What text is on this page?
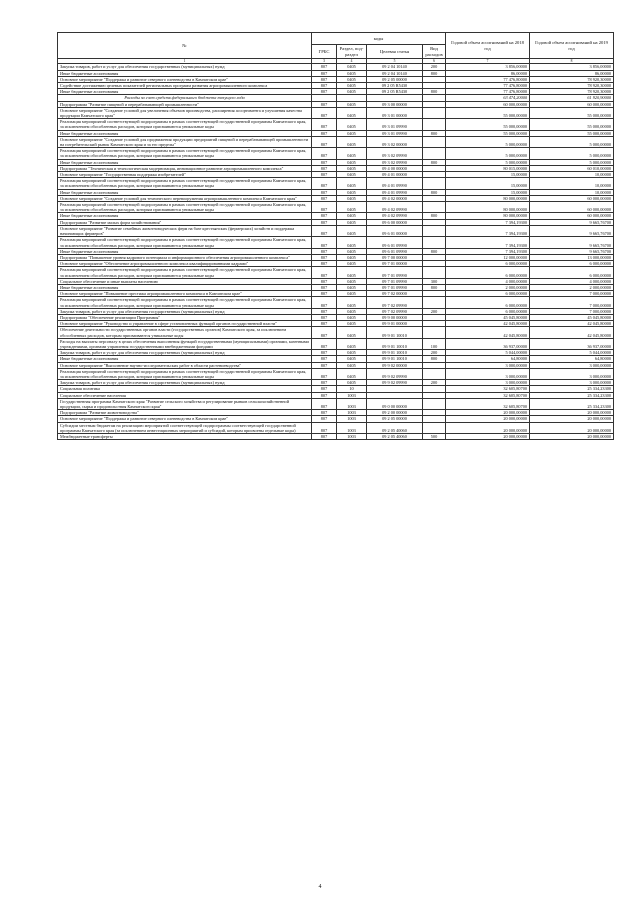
№	коды				Годовой объем ассигнований на 2018 год	Годовой объем ассигнований на 2019 год
	ГРБС	Раздел, под-раздел	Целевая статья	Вид расходов		
1	3	4	5	6	7	8
Закупка товаров, работ и услуг для обеспечения государственных (муниципальных) нужд	807	0405	09 2 04 10140	200	3 856,00000	3 856,00000
Иные бюджетные ассигнования	807	0405	09 2 04 10140	800	86,00000	86,00000
Основное мероприятие "Поддержка и развитие северного оленеводства в Камчатском крае"	807	0405	09 2 05 00000		77 476,80000	78 920,30000
Содействие достижению целевых показателей региональных программ развития агропромышленного комплекса	807	0405	09 2 05 R5430		77 476,80000	78 920,30000
Иные бюджетные ассигнования	807	0405	09 2 05 R5430	800	77 476,80000	78 920,30000
Расходы за счет средств федерального бюджета текущего года					63 474,20000	61 920,90000
Подпрограмма "Развитие пищевой и перерабатывающей промышленности"	807	0405	09 3 00 00000		60 000,00000	60 000,00000
Основное мероприятие "Создание условий для увеличения объемов производства, расширения ассортимента и улучшения качества продукции Камчатского края"	807	0405	09 3 01 00000		55 000,00000	55 000,00000
Реализация мероприятий соответствующей подпрограммы в рамках соответствующей государственной программы Камчатского края, за исключением обособленных расходов, которым присваиваются уникальные коды	807	0405	09 3 01 09990		55 000,00000	55 000,00000
Иные бюджетные ассигнования	807	0405	09 3 01 09990	800	55 000,00000	55 000,00000
Основное мероприятие "Создание условий для продвижения продукции предприятий пищевой и перерабатывающей промышленности на потребительский рынок Камчатского края и за его пределы"	807	0405	09 3 02 00000		5 000,00000	5 000,00000
Реализация мероприятий соответствующей подпрограммы в рамках соответствующей государственной программы Камчатского края, за исключением обособленных расходов, которым присваиваются уникальные коды	807	0405	09 3 02 09990		5 000,00000	5 000,00000
Иные бюджетные ассигнования	807	0405	09 3 02 09990	800	5 000,00000	5 000,00000
Подпрограмма "Техническая и технологическая модернизация, инновационное развитие агропромышленного комплекса"	807	0405	09 4 00 00000		80 015,00000	60 010,00000
Основное мероприятие "Государственная поддержка изобретателей"	807	0405	09 4 01 00000		15,00000	10,00000
Реализация мероприятий соответствующей подпрограммы в рамках соответствующей государственной программы Камчатского края, за исключением обособленных расходов, которым присваиваются уникальные коды	807	0405	09 4 01 09990		15,00000	10,00000
Иные бюджетные ассигнования	807	0405	09 4 01 09990	800	15,00000	10,00000
Основное мероприятие "Создание условий для технического перевооружения агропромышленного комплекса Камчатского края"	807	0405	09 4 02 00000		80 000,00000	60 000,00000
Реализация мероприятий соответствующей подпрограммы в рамках соответствующей государственной программы Камчатского края, за исключением обособленных расходов, которым присваиваются уникальные коды	807	0405	09 4 02 09990		80 000,00000	60 000,00000
Иные бюджетные ассигнования	807	0405	09 4 02 09990	800	80 000,00000	60 000,00000
Подпрограмма "Развитие малых форм хозяйствования"	807	0405	09 6 00 00000		7 394,19300	9 665,76700
Основное мероприятие "Развитие семейных животноводческих ферм на базе крестьянских (фермерских) хозяйств и поддержка начинающих фермеров"	807	0405	09 6 01 00000		7 394,19300	9 665,76700
Реализация мероприятий соответствующей подпрограммы в рамках соответствующей государственной программы Камчатского края, за исключением обособленных расходов, которым присваиваются уникальные коды	807	0405	09 6 01 09990		7 394,19300	9 665,76700
Иные бюджетные ассигнования	807	0405	09 6 01 09990	800	7 394,19300	9 665,76700
Подпрограмма "Повышение уровня кадрового потенциала и информационного обеспечения агропромышленного комплекса"	807	0405	09 7 00 00000		12 000,00000	13 000,00000
Основное мероприятие "Обеспечение агропромышленного комплекса квалифицированными кадрами"	807	0405	09 7 01 00000		6 000,00000	6 000,00000
Реализация мероприятий соответствующей подпрограммы в рамках соответствующей государственной программы Камчатского края, за исключением обособленных расходов, которым присваиваются уникальные коды	807	0405	09 7 01 09990		6 000,00000	6 000,00000
Социальное обеспечение и иные выплаты населению	807	0405	09 7 01 09990	300	4 000,00000	4 000,00000
Иные бюджетные ассигнования	807	0405	09 7 01 09990	800	2 000,00000	2 000,00000
Основное мероприятие "Повышение престижа агропромышленного комплекса в Камчатском крае"	807	0405	09 7 02 00000		6 000,00000	7 000,00000
Реализация мероприятий соответствующей подпрограммы в рамках соответствующей государственной программы Камчатского края, за исключением обособленных расходов, которым присваиваются уникальные коды	807	0405	09 7 02 09990		6 000,00000	7 000,00000
Закупка товаров, работ и услуг для обеспечения государственных (муниципальных) нужд	807	0405	09 7 02 09990	200	6 000,00000	7 000,00000
Подпрограмма "Обеспечение реализации Программы"	807	0405	09 9 00 00000		45 045,80000	45 045,80000
Основное мероприятие "Руководство и управление в сфере установленных функций органов государственной власти"	807	0405	09 9 01 00000		42 045,80000	42 045,80000
Обеспечение деятельности государственных органов власти (государственных органов) Камчатского края, за исключением обособленных расходов, которым присваиваются уникальные коды	807	0405	09 9 01 10010		42 045,80000	42 045,80000
Расходы на выплаты персоналу в целях обеспечения выполнения функций государственными (муниципальными) органами, казенными учреждениями, органами управления государственными внебюджетными фондами	807	0405	09 9 01 10010	100	36 937,00000	36 937,00000
Закупка товаров, работ и услуг для обеспечения государственных (муниципальных) нужд	807	0405	09 9 01 10010	200	5 044,00000	5 044,00000
Иные бюджетные ассигнования	807	0405	09 9 01 10010	800	64,80000	64,80000
Основное мероприятие "Выполнение научно-исследовательских работ в области растениеводства"	807	0405	09 9 02 00000		3 000,00000	3 000,00000
Реализация мероприятий соответствующей подпрограммы в рамках соответствующей государственной программы Камчатского края, за исключением обособленных расходов, которым присваиваются уникальные коды	807	0405	09 9 02 09990		3 000,00000	3 000,00000
Закупка товаров, работ и услуг для обеспечения государственных (муниципальных) нужд	807	0405	09 9 02 09990	200	3 000,00000	3 000,00000
Социальная политика	807	10			32 605,80700	25 334,23300
Социальное обеспечение населения	807	1003			32 605,80700	25 334,23300
Государственная программа Камчатского края "Развитие сельского хозяйства и регулирование рынков сельскохозяйственной продукции, сырья и продовольствия Камчатского края"	807	1003	09 0 00 00000		32 605,80700	25 334,23300
Подпрограмма "Развитие животноводства"	807	1003	09 2 00 00000		20 000,00000	20 000,00000
Основное мероприятие "Поддержка и развитие северного оленеводства в Камчатском крае"	807	1003	09 2 05 00000		20 000,00000	20 000,00000
Субсидии местным бюджетам на реализацию мероприятий соответствующей подпрограммы соответствующей государственной программы Камчатского края (за исключением инвестиционных мероприятий и субсидий, которым присвоены отдельные коды)	807	1003	09 2 05 40060		20 000,00000	20 000,00000
Межбюджетные трансферты	807	1003	09 2 05 40060	500	20 000,00000	20 000,00000
4
